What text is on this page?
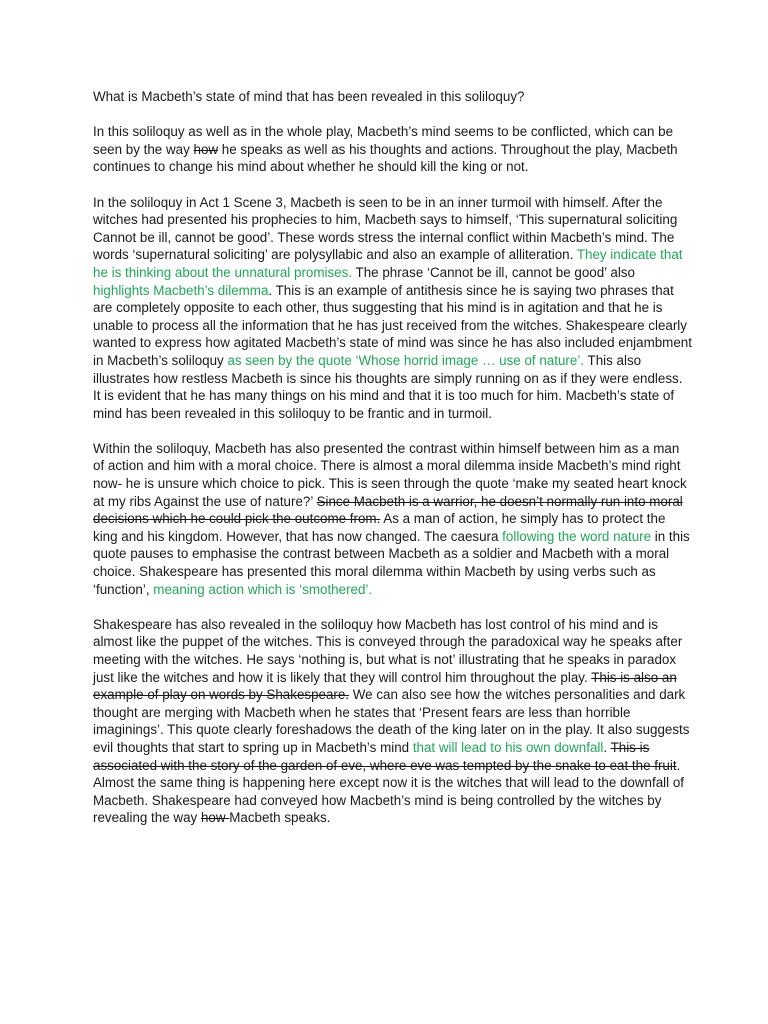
What is Macbeth’s state of mind that has been revealed in this soliloquy?

In this soliloquy as well as in the whole play, Macbeth’s mind seems to be conflicted, which can be seen by the way how he speaks as well as his thoughts and actions. Throughout the play, Macbeth continues to change his mind about whether he should kill the king or not.

In the soliloquy in Act 1 Scene 3, Macbeth is seen to be in an inner turmoil with himself. After the witches had presented his prophecies to him, Macbeth says to himself, ‘This supernatural soliciting Cannot be ill, cannot be good’. These words stress the internal conflict within Macbeth’s mind. The words ‘supernatural soliciting’ are polysyllabic and also an example of alliteration. They indicate that he is thinking about the unnatural promises. The phrase ‘Cannot be ill, cannot be good’ also highlights Macbeth’s dilemma. This is an example of antithesis since he is saying two phrases that are completely opposite to each other, thus suggesting that his mind is in agitation and that he is unable to process all the information that he has just received from the witches. Shakespeare clearly wanted to express how agitated Macbeth’s state of mind was since he has also included enjambment in Macbeth’s soliloquy as seen by the quote ‘Whose horrid image … use of nature’. This also illustrates how restless Macbeth is since his thoughts are simply running on as if they were endless. It is evident that he has many things on his mind and that it is too much for him. Macbeth’s state of mind has been revealed in this soliloquy to be frantic and in turmoil.

Within the soliloquy, Macbeth has also presented the contrast within himself between him as a man of action and him with a moral choice. There is almost a moral dilemma inside Macbeth’s mind right now- he is unsure which choice to pick. This is seen through the quote ‘make my seated heart knock at my ribs Against the use of nature?’ Since Macbeth is a warrior, he doesn’t normally run into moral decisions which he could pick the outcome from. As a man of action, he simply has to protect the king and his kingdom. However, that has now changed. The caesura following the word nature in this quote pauses to emphasise the contrast between Macbeth as a soldier and Macbeth with a moral choice. Shakespeare has presented this moral dilemma within Macbeth by using verbs such as ‘function’, meaning action which is ‘smothered’.

Shakespeare has also revealed in the soliloquy how Macbeth has lost control of his mind and is almost like the puppet of the witches. This is conveyed through the paradoxical way he speaks after meeting with the witches. He says ‘nothing is, but what is not’ illustrating that he speaks in paradox just like the witches and how it is likely that they will control him throughout the play. This is also an example of play on words by Shakespeare. We can also see how the witches personalities and dark thought are merging with Macbeth when he states that ‘Present fears are less than horrible imaginings’. This quote clearly foreshadows the death of the king later on in the play. It also suggests evil thoughts that start to spring up in Macbeth’s mind that will lead to his own downfall. This is associated with the story of the garden of eve, where eve was tempted by the snake to eat the fruit. Almost the same thing is happening here except now it is the witches that will lead to the downfall of Macbeth. Shakespeare had conveyed how Macbeth’s mind is being controlled by the witches by revealing the way how Macbeth speaks.
